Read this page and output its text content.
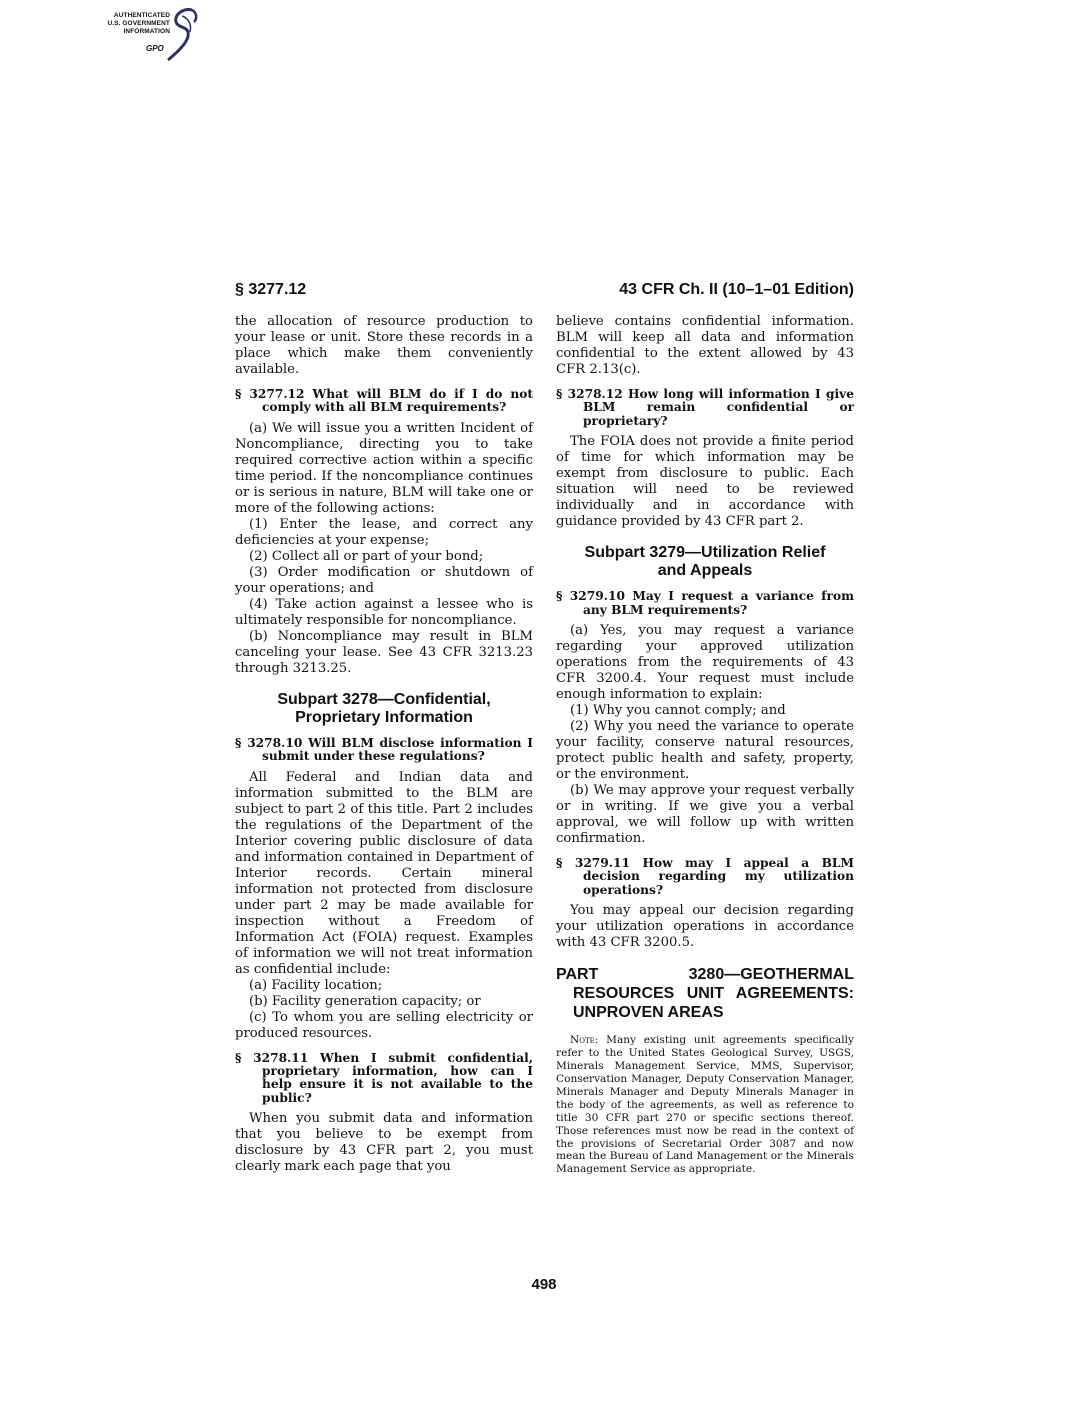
AUTHENTICATED
U.S. GOVERNMENT
INFORMATION
GPO
§ 3277.12	43 CFR Ch. II (10–1–01 Edition)

the allocation of resource production to your lease or unit. Store these records in a place which make them conveniently available.

§ 3277.12 What will BLM do if I do not comply with all BLM requirements?

(a) We will issue you a written Incident of Noncompliance, directing you to take required corrective action within a specific time period. If the noncompliance continues or is serious in nature, BLM will take one or more of the following actions:

(1) Enter the lease, and correct any deficiencies at your expense;

(2) Collect all or part of your bond;

(3) Order modification or shutdown of your operations; and

(4) Take action against a lessee who is ultimately responsible for noncompliance.

(b) Noncompliance may result in BLM canceling your lease. See 43 CFR 3213.23 through 3213.25.

Subpart 3278—Confidential,
Proprietary Information
§ 3278.10 Will BLM disclose information I submit under these regulations?

All Federal and Indian data and information submitted to the BLM are subject to part 2 of this title. Part 2 includes the regulations of the Department of the Interior covering public disclosure of data and information contained in Department of Interior records. Certain mineral information not protected from disclosure under part 2 may be made available for inspection without a Freedom of Information Act (FOIA) request. Examples of information we will not treat information as confidential include:

(a) Facility location;

(b) Facility generation capacity; or

(c) To whom you are selling electricity or produced resources.

§ 3278.11 When I submit confidential, proprietary information, how can I help ensure it is not available to the public?

When you submit data and information that you believe to be exempt from disclosure by 43 CFR part 2, you must clearly mark each page that you

believe contains confidential information. BLM will keep all data and information confidential to the extent allowed by 43 CFR 2.13(c).

§ 3278.12 How long will information I give BLM remain confidential or proprietary?

The FOIA does not provide a finite period of time for which information may be exempt from disclosure to public. Each situation will need to be reviewed individually and in accordance with guidance provided by 43 CFR part 2.

Subpart 3279—Utilization Relief
and Appeals
§ 3279.10 May I request a variance from any BLM requirements?

(a) Yes, you may request a variance regarding your approved utilization operations from the requirements of 43 CFR 3200.4. Your request must include enough information to explain:

(1) Why you cannot comply; and

(2) Why you need the variance to operate your facility, conserve natural resources, protect public health and safety, property, or the environment.

(b) We may approve your request verbally or in writing. If we give you a verbal approval, we will follow up with written confirmation.

§ 3279.11 How may I appeal a BLM decision regarding my utilization operations?

You may appeal our decision regarding your utilization operations in accordance with 43 CFR 3200.5.

PART 3280—GEOTHERMAL RESOURCES UNIT AGREEMENTS: UNPROVEN AREAS

Note: Many existing unit agreements specifically refer to the United States Geological Survey, USGS, Minerals Management Service, MMS, Supervisor, Conservation Manager, Deputy Conservation Manager, Minerals Manager and Deputy Minerals Manager in the body of the agreements, as well as reference to title 30 CFR part 270 or specific sections thereof. Those references must now be read in the context of the provisions of Secretarial Order 3087 and now mean the Bureau of Land Management or the Minerals Management Service as appropriate.

498
